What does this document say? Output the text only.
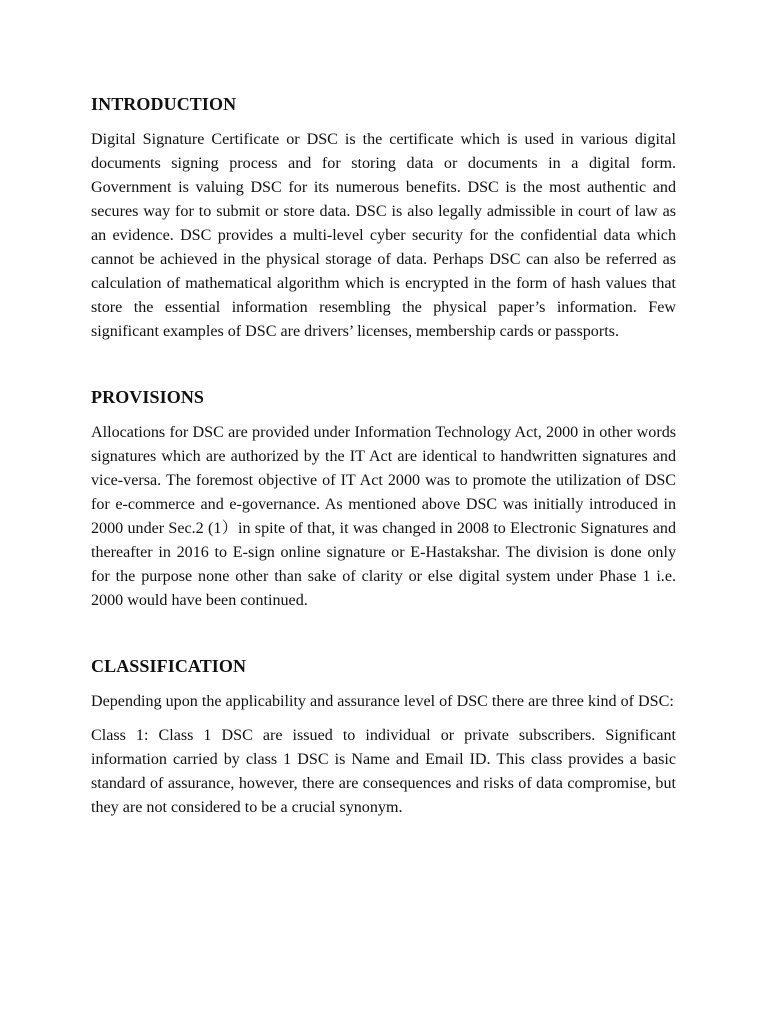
INTRODUCTION

Digital Signature Certificate or DSC is the certificate which is used in various digital documents signing process and for storing data or documents in a digital form. Government is valuing DSC for its numerous benefits. DSC is the most authentic and secures way for to submit or store data. DSC is also legally admissible in court of law as an evidence. DSC provides a multi-level cyber security for the confidential data which cannot be achieved in the physical storage of data. Perhaps DSC can also be referred as calculation of mathematical algorithm which is encrypted in the form of hash values that store the essential information resembling the physical paper’s information. Few significant examples of DSC are drivers’ licenses, membership cards or passports.

PROVISIONS

Allocations for DSC are provided under Information Technology Act, 2000 in other words signatures which are authorized by the IT Act are identical to handwritten signatures and vice-versa. The foremost objective of IT Act 2000 was to promote the utilization of DSC for e-commerce and e-governance. As mentioned above DSC was initially introduced in 2000 under Sec.2 (1）in spite of that, it was changed in 2008 to Electronic Signatures and thereafter in 2016 to E-sign online signature or E-Hastakshar. The division is done only for the purpose none other than sake of clarity or else digital system under Phase 1 i.e. 2000 would have been continued.

CLASSIFICATION

Depending upon the applicability and assurance level of DSC there are three kind of DSC:

Class 1: Class 1 DSC are issued to individual or private subscribers. Significant information carried by class 1 DSC is Name and Email ID. This class provides a basic standard of assurance, however, there are consequences and risks of data compromise, but they are not considered to be a crucial synonym.
